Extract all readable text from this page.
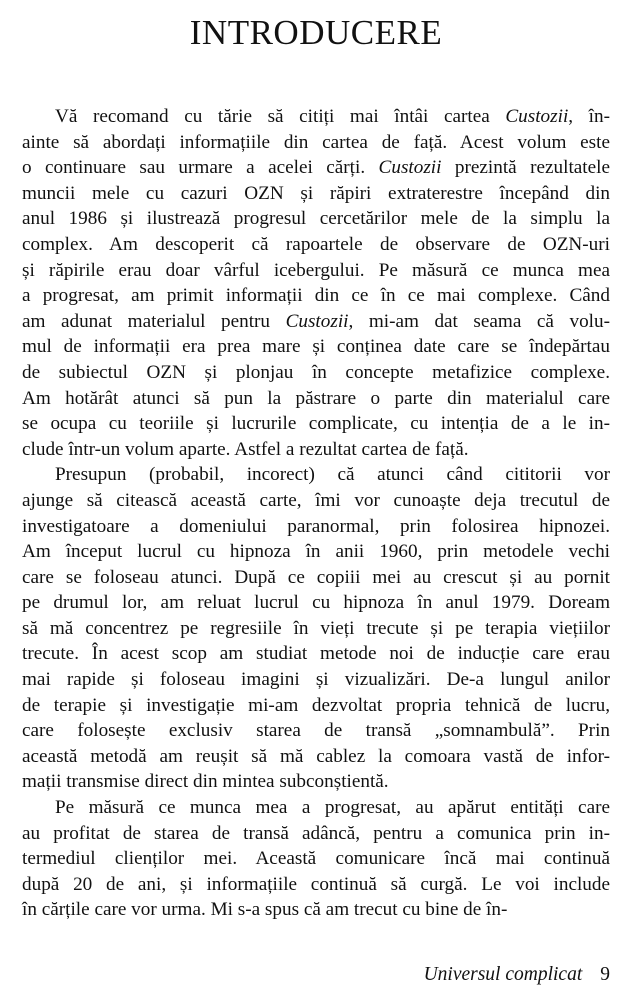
INTRODUCERE
Vă recomand cu tărie să citiți mai întâi cartea Custozii, în-
ainte să abordați informațiile din cartea de față. Acest volum este
o continuare sau urmare a acelei cărți. Custozii prezintă rezultatele
muncii mele cu cazuri OZN și răpiri extraterestre începând din
anul 1986 și ilustrează progresul cercetărilor mele de la simplu la
complex. Am descoperit că rapoartele de observare de OZN-uri
și răpirile erau doar vârful icebergului. Pe măsură ce munca mea
a progresat, am primit informații din ce în ce mai complexe. Când
am adunat materialul pentru Custozii, mi-am dat seama că volu-
mul de informații era prea mare și conținea date care se îndepărtau
de subiectul OZN și plonjau în concepte metafizice complexe.
Am hotărât atunci să pun la păstrare o parte din materialul care
se ocupa cu teoriile și lucrurile complicate, cu intenția de a le in-
clude într-un volum aparte. Astfel a rezultat cartea de față.
Presupun (probabil, incorect) că atunci când cititorii vor
ajunge să citească această carte, îmi vor cunoaște deja trecutul de
investigatoare a domeniului paranormal, prin folosirea hipnozei.
Am început lucrul cu hipnoza în anii 1960, prin metodele vechi
care se foloseau atunci. După ce copiii mei au crescut și au pornit
pe drumul lor, am reluat lucrul cu hipnoza în anul 1979. Doream
să mă concentrez pe regresiile în vieți trecute și pe terapia viețiilor
trecute. În acest scop am studiat metode noi de inducție care erau
mai rapide și foloseau imagini și vizualizări. De-a lungul anilor
de terapie și investigație mi-am dezvoltat propria tehnică de lucru,
care folosește exclusiv starea de transă „somnambulă”. Prin
această metodă am reușit să mă cablez la comoara vastă de infor-
mații transmise direct din mintea subconștientă.
Pe măsură ce munca mea a progresat, au apărut entități care
au profitat de starea de transă adâncă, pentru a comunica prin in-
termediul clienților mei. Această comunicare încă mai continuă
după 20 de ani, și informațiile continuă să curgă. Le voi include
în cărțile care vor urma. Mi s-a spus că am trecut cu bine de în-
Universul complicat 9
